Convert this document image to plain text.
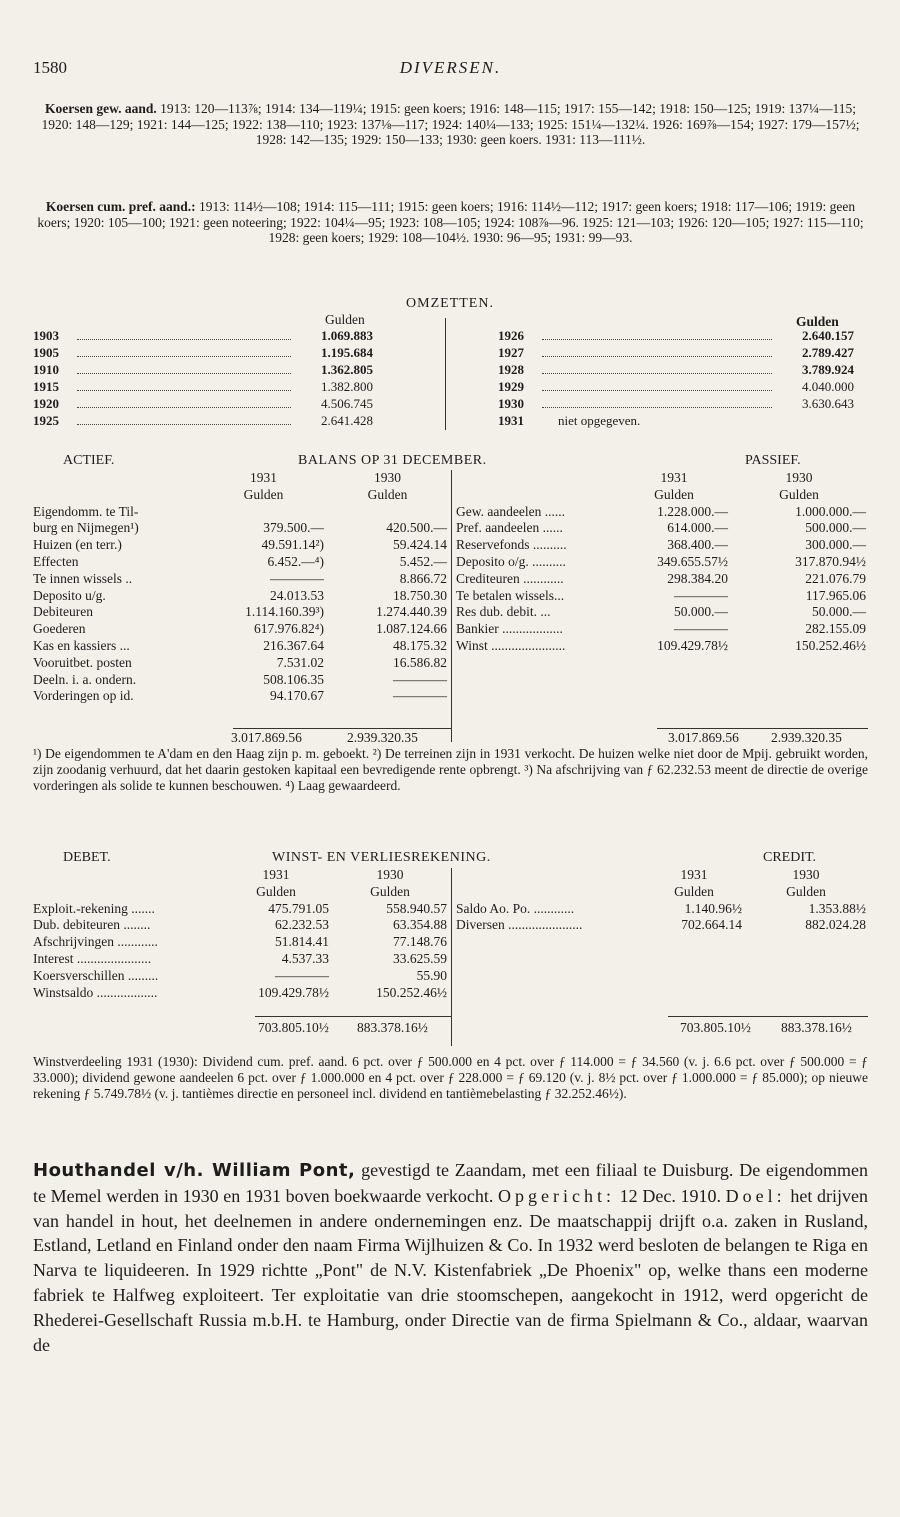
1580	DIVERSEN.
Koersen gew. aand. 1913: 120—113⅞; 1914: 134—119¼; 1915: geen koers; 1916: 148—115; 1917: 155—142; 1918: 150—125; 1919: 137¼—115; 1920: 148—129; 1921: 144—125; 1922: 138—110; 1923: 137⅛—117; 1924: 140¼—133; 1925: 151¼—132¼. 1926: 169⅞—154; 1927: 179—157½; 1928: 142—135; 1929: 150—133; 1930: geen koers. 1931: 113—111½.
Koersen cum. pref. aand.: 1913: 114½—108; 1914: 115—111; 1915: geen koers; 1916: 114½—112; 1917: geen koers; 1918: 117—106; 1919: geen koers; 1920: 105—100; 1921: geen noteering; 1922: 104¼—95; 1923: 108—105; 1924: 108⅞—96. 1925: 121—103; 1926: 120—105; 1927: 115—110; 1928: geen koers; 1929: 108—104½. 1930: 96—95; 1931: 99—93.
OMZETTEN.
Gulden	Gulden
1903	1.069.883
1905	1.195.684
1910	1.362.805
1915	1.382.800
1920	4.506.745
1925	2.641.428
1926	2.640.157
1927	2.789.427
1928	3.789.924
1929	4.040.000
1930	3.630.643
1931	niet opgegeven.
ACTIEF.	BALANS OP 31 DECEMBER.	PASSIEF.
	1931	1930
	Gulden	Gulden
Eigendomm. te Til-		
burg en Nijmegen¹)	379.500.—	420.500.—
Huizen (en terr.)	49.591.14²)	59.424.14
Effecten	6.452.—⁴)	5.452.—
Te innen wissels ..	————	8.866.72
Deposito u/g.	24.013.53	18.750.30
Debiteuren	1.114.160.39³)	1.274.440.39
Goederen	617.976.82⁴)	1.087.124.66
Kas en kassiers ...	216.367.64	48.175.32
Vooruitbet. posten	7.531.02	16.586.82
Deeln. i. a. ondern.	508.106.35	————
Vorderingen op id.	94.170.67	————
	1931	1930
	Gulden	Gulden
Gew. aandeelen ......	1.228.000.—	1.000.000.—
Pref. aandeelen ......	614.000.—	500.000.—
Reservefonds ..........	368.400.—	300.000.—
Deposito o/g. ..........	349.655.57½	317.870.94½
Crediteuren ............	298.384.20	221.076.79
Te betalen wissels...	————	117.965.06
Res dub. debit. ...	50.000.—	50.000.—
Bankier ..................	————	282.155.09
Winst ......................	109.429.78½	150.252.46½
3.017.869.56	2.939.320.35	3.017.869.56 2.939.320.35
¹) De eigendommen te A'dam en den Haag zijn p. m. geboekt. ²) De terreinen zijn in 1931 verkocht. De huizen welke niet door de Mpij. gebruikt worden, zijn zoodanig verhuurd, dat het daarin gestoken kapitaal een bevredigende rente opbrengt. ³) Na afschrijving van ƒ 62.232.53 meent de directie de overige vorderingen als solide te kunnen beschouwen. ⁴) Laag gewaardeerd.
DEBET.	WINST- EN VERLIESREKENING.	CREDIT.
	1931	1930
	Gulden	Gulden
Exploit.-rekening .......	475.791.05	558.940.57
Dub. debiteuren ........	62.232.53	63.354.88
Afschrijvingen ............	51.814.41	77.148.76
Interest ......................	4.537.33	33.625.59
Koersverschillen .........	————	55.90
Winstsaldo ..................	109.429.78½	150.252.46½
	1931	1930
	Gulden	Gulden
Saldo Ao. Po. ............	1.140.96½	1.353.88½
Diversen ......................	702.664.14	882.024.28
703.805.10½ 883.378.16½	703.805.10½ 883.378.16½
Winstverdeeling 1931 (1930): Dividend cum. pref. aand. 6 pct. over ƒ 500.000 en 4 pct. over ƒ 114.000 = ƒ 34.560 (v. j. 6.6 pct. over ƒ 500.000 = ƒ 33.000); dividend gewone aandeelen 6 pct. over ƒ 1.000.000 en 4 pct. over ƒ 228.000 = ƒ 69.120 (v. j. 8½ pct. over ƒ 1.000.000 = ƒ 85.000); op nieuwe rekening ƒ 5.749.78½ (v. j. tantièmes directie en personeel incl. dividend en tantièmebelasting ƒ 32.252.46½).
Houthandel v/h. William Pont, gevestigd te Zaandam, met een filiaal te Duisburg. De eigendommen te Memel werden in 1930 en 1931 boven boekwaarde verkocht. Opgericht: 12 Dec. 1910. Doel: het drijven van handel in hout, het deelnemen in andere ondernemingen enz. De maatschappij drijft o.a. zaken in Rusland, Estland, Letland en Finland onder den naam Firma Wijlhuizen & Co. In 1932 werd besloten de belangen te Riga en Narva te liquideeren. In 1929 richtte „Pont" de N.V. Kistenfabriek „De Phoenix" op, welke thans een moderne fabriek te Halfweg exploiteert. Ter exploitatie van drie stoomschepen, aangekocht in 1912, werd opgericht de Rhederei-Gesellschaft Russia m.b.H. te Hamburg, onder Directie van de firma Spielmann & Co., aldaar, waarvan de
